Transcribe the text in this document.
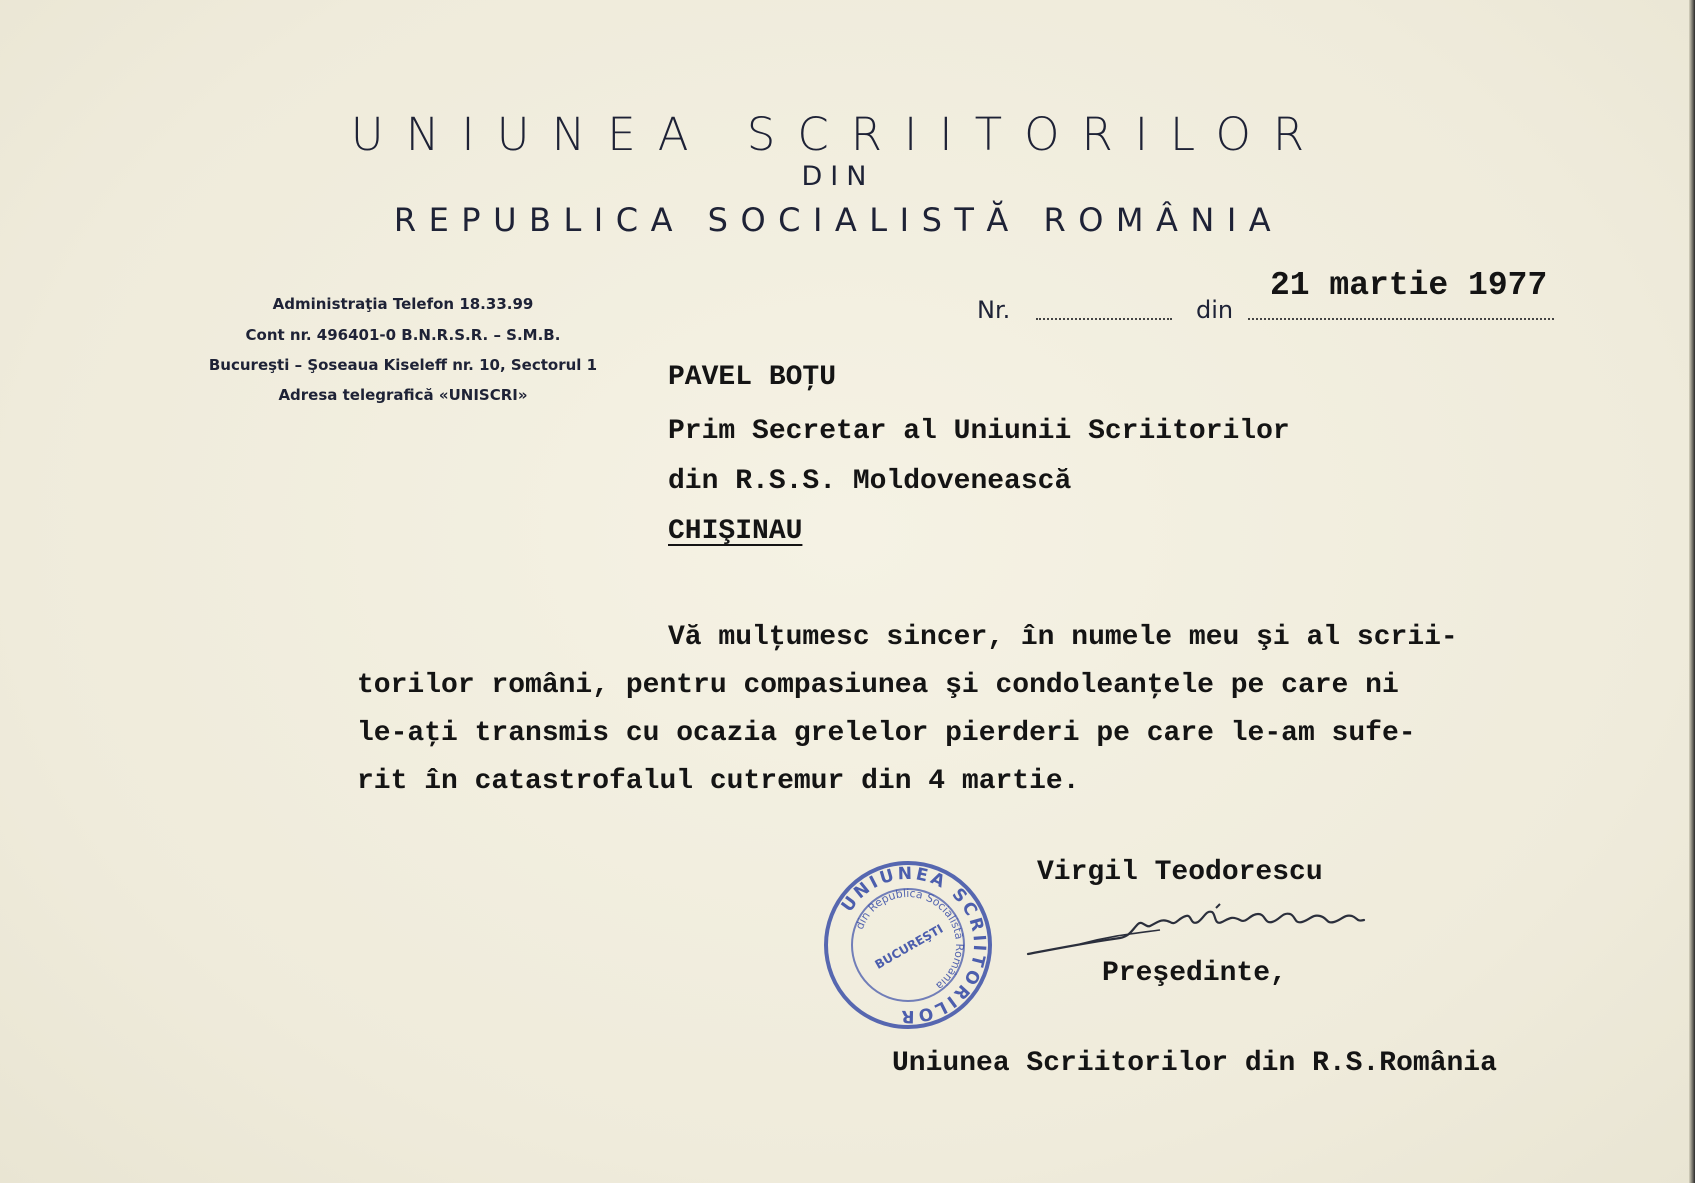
UNIUNEA SCRIITORILOR
DIN
REPUBLICA SOCIALISTĂ ROMÂNIA
Administraţia Telefon 18.33.99
Cont nr. 496401-0 B.N.R.S.R. – S.M.B.
Bucureşti – Şoseaua Kiseleff nr. 10, Sectorul 1
Adresa telegrafică «UNISCRI»
Nr.	din
21 martie 1977
PAVEL BOŢU
Prim Secretar al Uniunii Scriitorilor
din R.S.S. Moldovenească
CHIŞINAU
Vă mulţumesc sincer, în numele meu şi al scrii-
torilor români, pentru compasiunea şi condoleanţele pe care ni
le-aţi transmis cu ocazia grelelor pierderi pe care le-am sufe-
rit în catastrofalul cutremur din 4 martie.
Virgil Teodorescu
Preşedinte,
Uniunea Scriitorilor din R.S.România
UNIUNEA SCRIITORILOR
din Republica Socialistă România
BUCUREŞTI
